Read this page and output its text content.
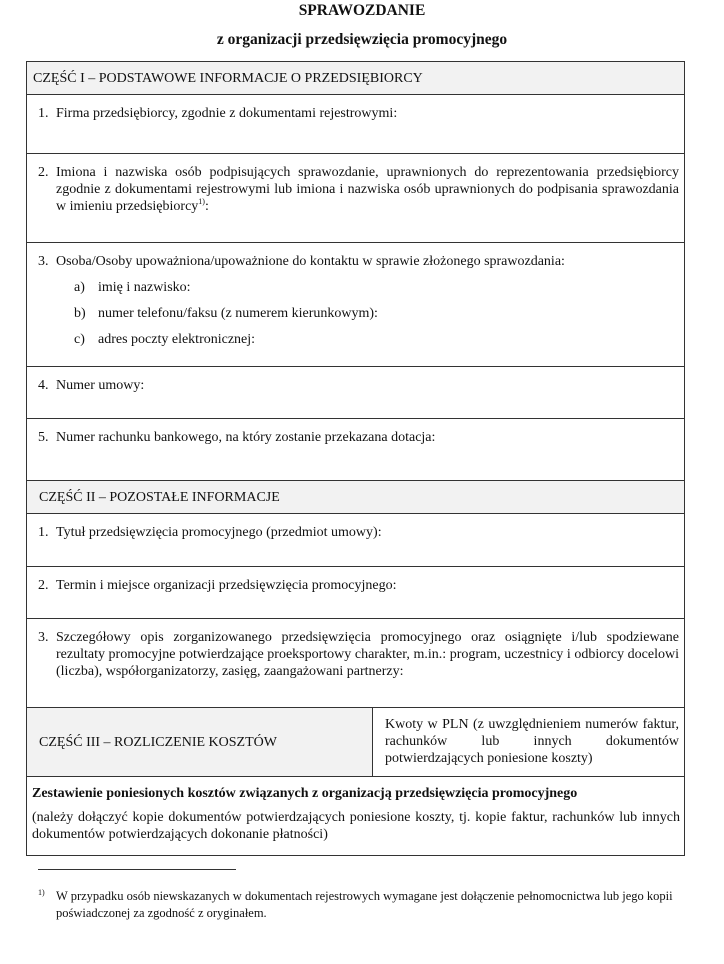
SPRAWOZDANIE
z organizacji przedsięwzięcia promocyjnego
CZĘŚĆ I – PODSTAWOWE INFORMACJE O PRZEDSIĘBIORCY
1. Firma przedsiębiorcy, zgodnie z dokumentami rejestrowymi:
2. Imiona i nazwiska osób podpisujących sprawozdanie, uprawnionych do reprezentowania przedsiębiorcy zgodnie z dokumentami rejestrowymi lub imiona i nazwiska osób uprawnionych do podpisania sprawozdania w imieniu przedsiębiorcy$^{1)}$:
3. Osoba/Osoby upoważniona/upoważnione do kontaktu w sprawie złożonego sprawozdania:
a) imię i nazwisko:
b) numer telefonu/faksu (z numerem kierunkowym):
c) adres poczty elektronicznej:
4. Numer umowy:
5. Numer rachunku bankowego, na który zostanie przekazana dotacja:
CZĘŚĆ II – POZOSTAŁE INFORMACJE
1. Tytuł przedsięwzięcia promocyjnego (przedmiot umowy):
2. Termin i miejsce organizacji przedsięwzięcia promocyjnego:
3. Szczegółowy opis zorganizowanego przedsięwzięcia promocyjnego oraz osiągnięte i/lub spodziewane rezultaty promocyjne potwierdzające proeksportowy charakter, m.in.: program, uczestnicy i odbiorcy docelowi (liczba), współorganizatorzy, zasięg, zaangażowani partnerzy:
CZĘŚĆ III – ROZLICZENIE KOSZTÓW
Kwoty w PLN (z uwzględnieniem numerów faktur, rachunków lub innych dokumentów potwierdzających poniesione koszty)
Zestawienie poniesionych kosztów związanych z organizacją przedsięwzięcia promocyjnego
(należy dołączyć kopie dokumentów potwierdzających poniesione koszty, tj. kopie faktur, rachunków lub innych dokumentów potwierdzających dokonanie płatności)
1) W przypadku osób niewskazanych w dokumentach rejestrowych wymagane jest dołączenie pełnomocnictwa lub jego kopii poświadczonej za zgodność z oryginałem.
